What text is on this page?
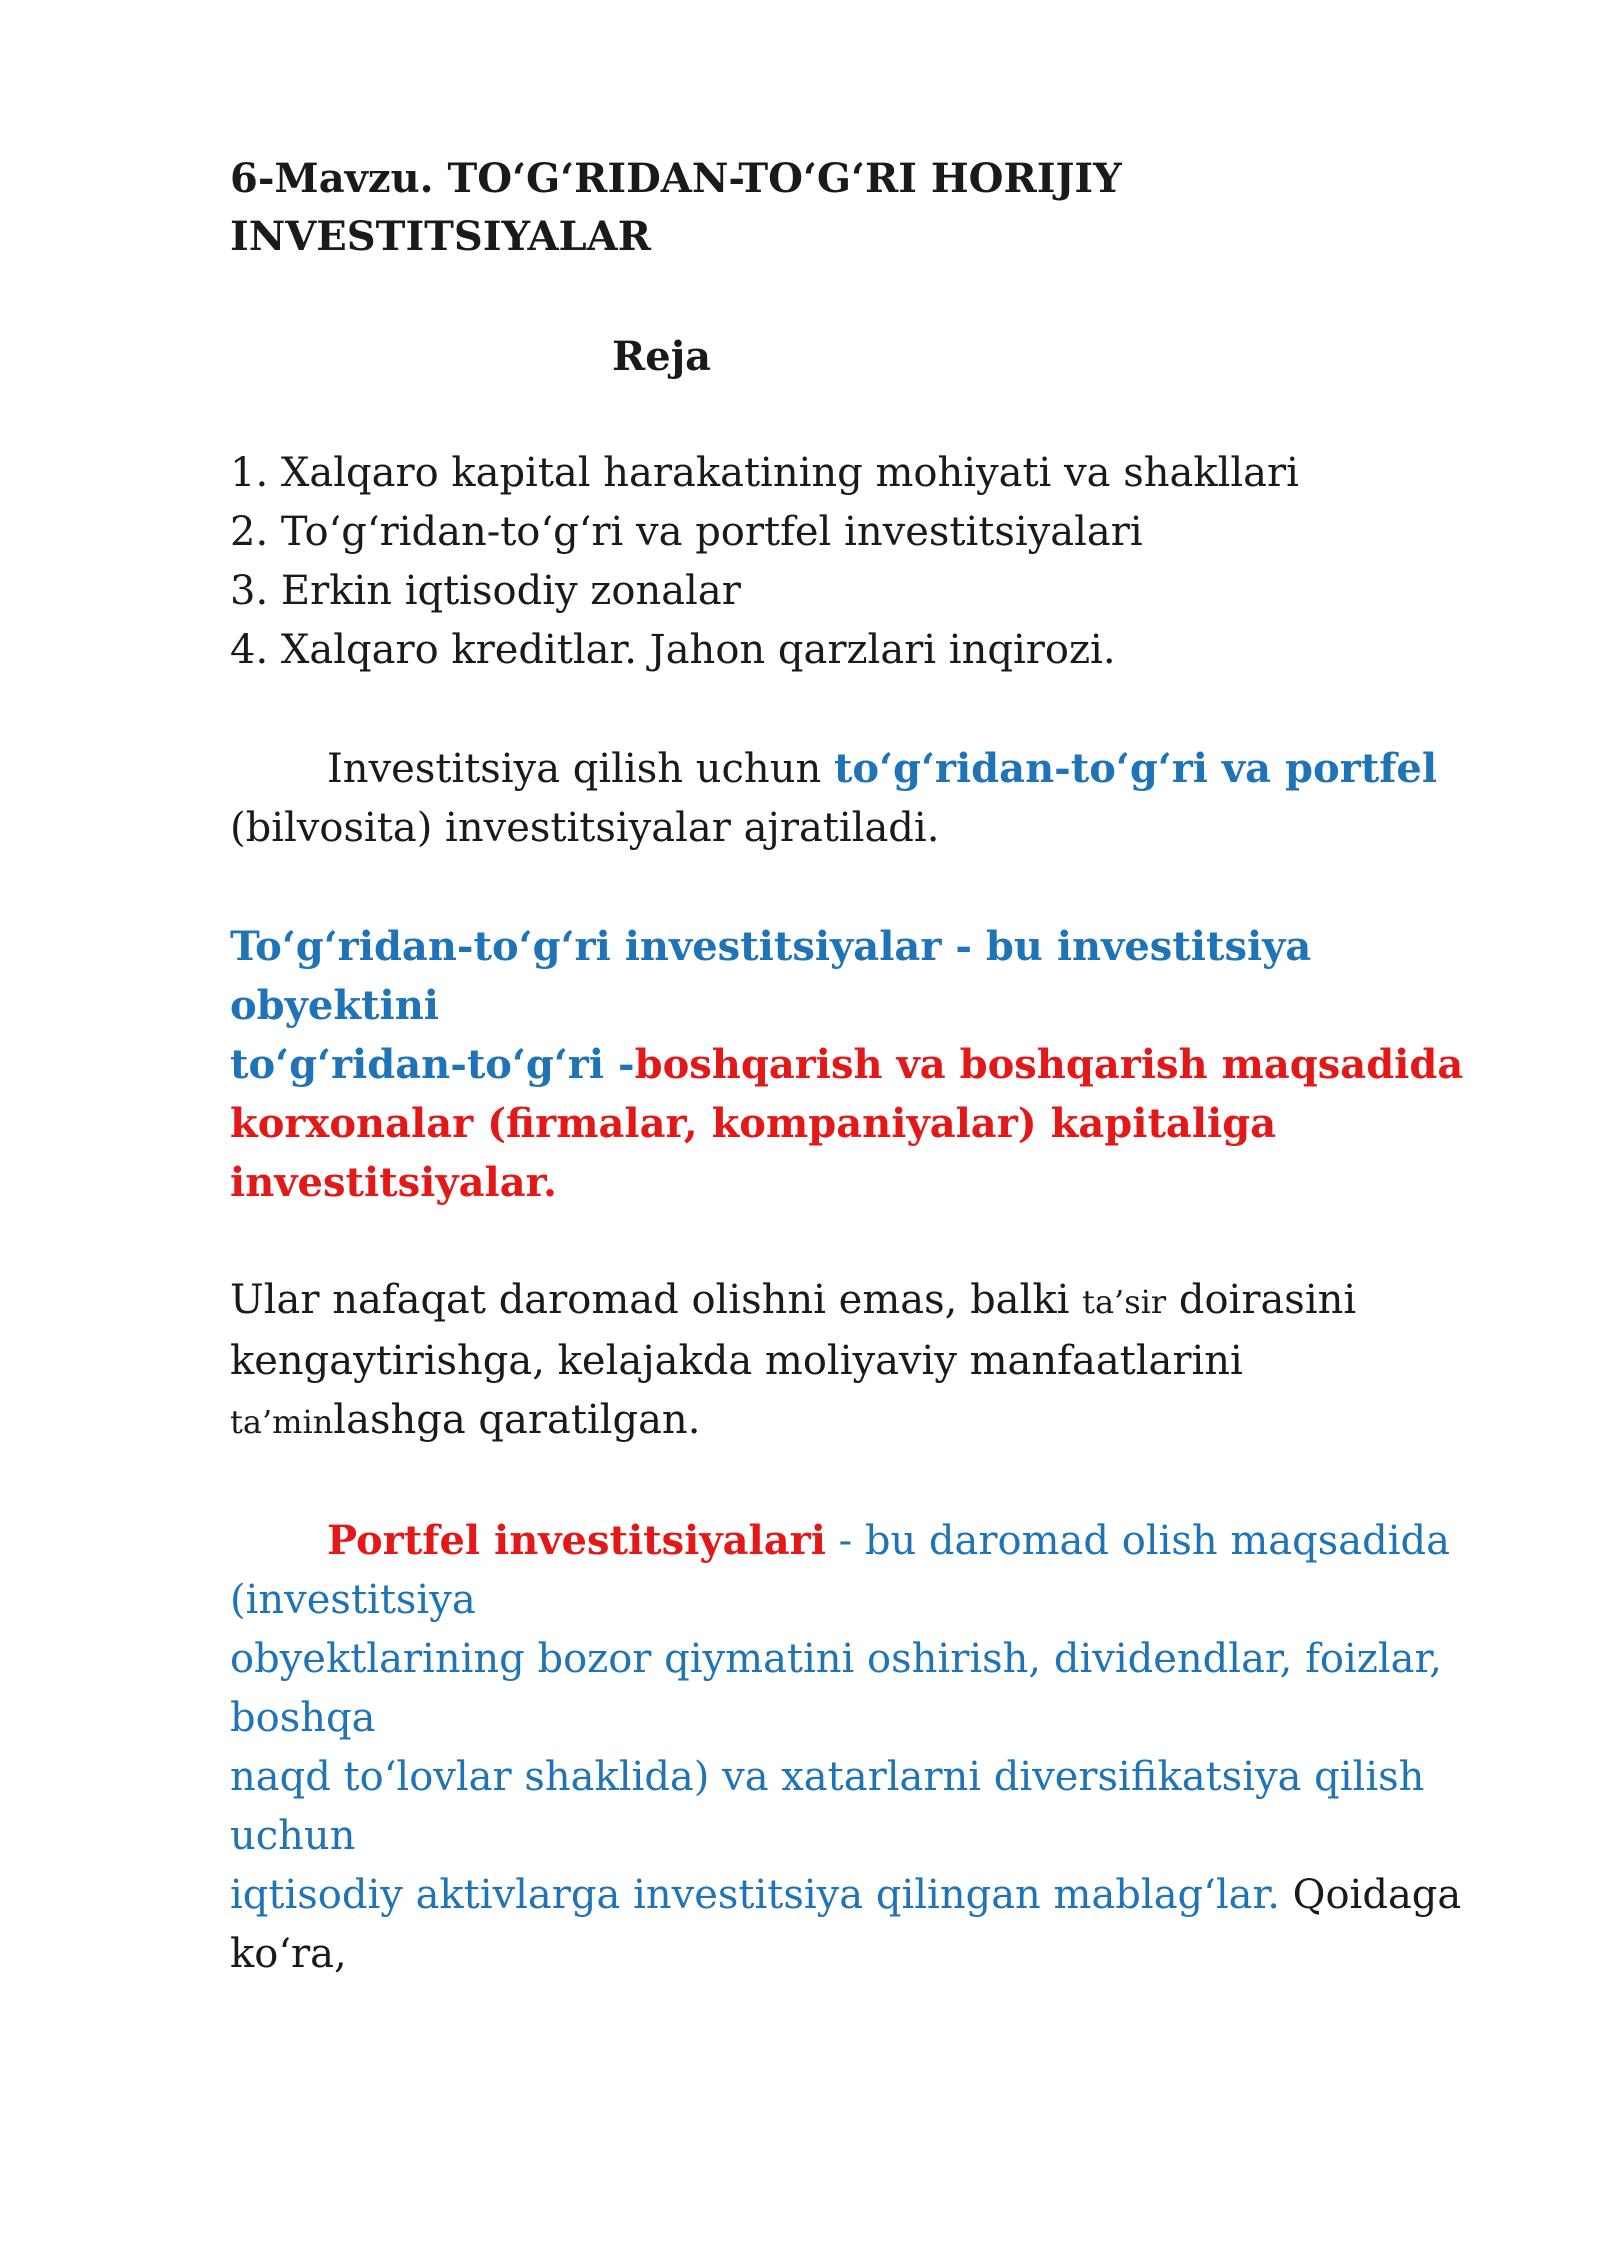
6-Mavzu. TO‘G‘RIDAN-TO‘G‘RI HORIJIY
INVESTITSIYALAR
Reja
1. Xalqaro kapital harakatining mohiyati va shakllari
2. To‘g‘ridan-to‘g‘ri va portfel investitsiyalari
3. Erkin iqtisodiy zonalar
4. Xalqaro kreditlar. Jahon qarzlari inqirozi.

Investitsiya qilish uchun to‘g‘ridan-to‘g‘ri va portfel

(bilvosita) investitsiyalar ajratiladi.

To‘g‘ridan-to‘g‘ri investitsiyalar - bu investitsiya
obyektini
to‘g‘ridan-to‘g‘ri -boshqarish va boshqarish maqsadida
korxonalar (firmalar, kompaniyalar) kapitaliga
investitsiyalar.

Ular nafaqat daromad olishni emas, balki ta’sir doirasini
kengaytirishga, kelajakda moliyaviy manfaatlarini
ta’minlashga qaratilgan.

Portfel investitsiyalari - bu daromad olish maqsadida
(investitsiya
obyektlarining bozor qiymatini oshirish, dividendlar, foizlar,
boshqa
naqd to‘lovlar shaklida) va xatarlarni diversifikatsiya qilish
uchun
iqtisodiy aktivlarga investitsiya qilingan mablag‘lar. Qoidaga
ko‘ra,
